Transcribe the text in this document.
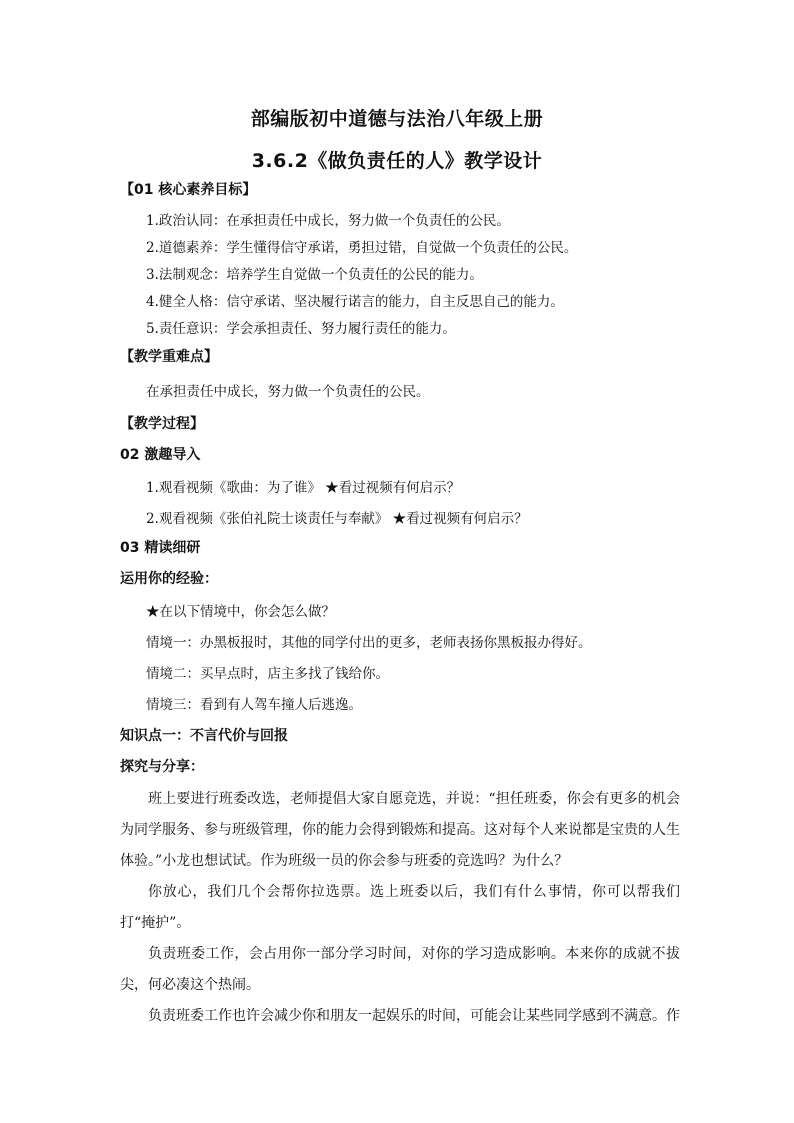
部编版初中道德与法治八年级上册
3.6.2《做负责任的人》教学设计
【01 核心素养目标】
1.政治认同：在承担责任中成长，努力做一个负责任的公民。
2.道德素养：学生懂得信守承诺，勇担过错，自觉做一个负责任的公民。
3.法制观念：培养学生自觉做一个负责任的公民的能力。
4.健全人格：信守承诺、坚决履行诺言的能力，自主反思自己的能力。
5.责任意识：学会承担责任、努力履行责任的能力。
【教学重难点】
在承担责任中成长，努力做一个负责任的公民。
【教学过程】
02 激趣导入
1.观看视频《歌曲：为了谁》 ★看过视频有何启示？
2.观看视频《张伯礼院士谈责任与奉献》 ★看过视频有何启示？
03 精读细研
运用你的经验：
★在以下情境中，你会怎么做？
情境一：办黑板报时，其他的同学付出的更多，老师表扬你黑板报办得好。
情境二：买早点时，店主多找了钱给你。
情境三：看到有人驾车撞人后逃逸。
知识点一：不言代价与回报
探究与分享：
班上要进行班委改选，老师提倡大家自愿竞选，并说：“担任班委，你会有更多的机会为同学服务、参与班级管理，你的能力会得到锻炼和提高。这对每个人来说都是宝贵的人生体验。”小龙也想试试。作为班级一员的你会参与班委的竞选吗？为什么？
你放心，我们几个会帮你拉选票。选上班委以后，我们有什么事情，你可以帮我们打“掩护”。
负责班委工作，会占用你一部分学习时间，对你的学习造成影响。本来你的成就不拔尖，何必凑这个热闹。
负责班委工作也许会减少你和朋友一起娱乐的时间，可能会让某些同学感到不满意。作
